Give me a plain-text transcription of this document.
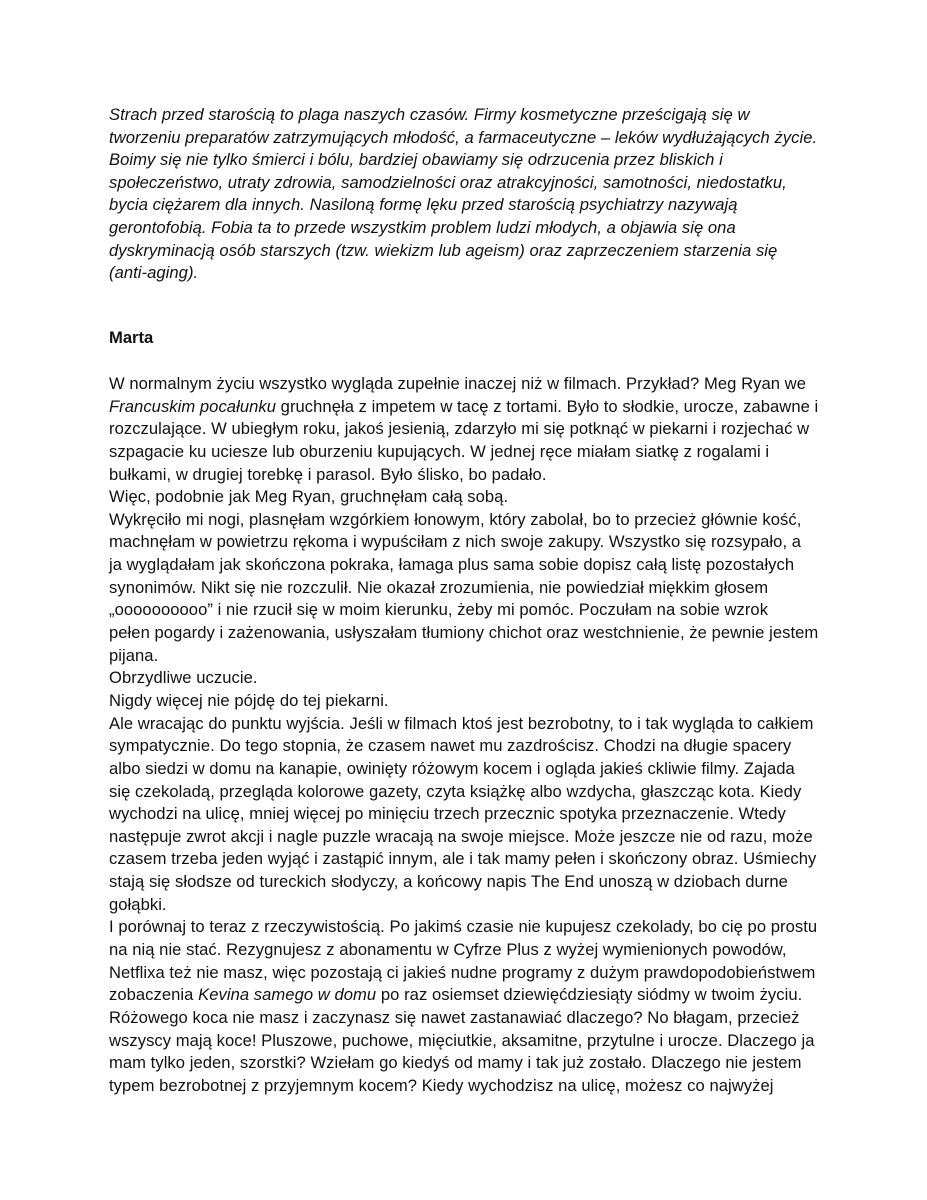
Strach przed starością to plaga naszych czasów. Firmy kosmetyczne prześcigają się w
tworzeniu preparatów zatrzymujących młodość, a farmaceutyczne – leków wydłużających życie.
Boimy się nie tylko śmierci i bólu, bardziej obawiamy się odrzucenia przez bliskich i
społeczeństwo, utraty zdrowia, samodzielności oraz atrakcyjności, samotności, niedostatku,
bycia ciężarem dla innych. Nasiloną formę lęku przed starością psychiatrzy nazywają
gerontofobią. Fobia ta to przede wszystkim problem ludzi młodych, a objawia się ona
dyskryminacją osób starszych (tzw. wiekizm lub ageism) oraz zaprzeczeniem starzenia się
(anti-aging).
Marta
W normalnym życiu wszystko wygląda zupełnie inaczej niż w filmach. Przykład? Meg Ryan we
Francuskim pocałunku gruchnęła z impetem w tacę z tortami. Było to słodkie, urocze, zabawne i
rozczulające. W ubiegłym roku, jakoś jesienią, zdarzyło mi się potknąć w piekarni i rozjechać w
szpagacie ku uciesze lub oburzeniu kupujących. W jednej ręce miałam siatkę z rogalami i
bułkami, w drugiej torebkę i parasol. Było ślisko, bo padało.
Więc, podobnie jak Meg Ryan, gruchnęłam całą sobą.
Wykręciło mi nogi, plasnęłam wzgórkiem łonowym, który zabolał, bo to przecież głównie kość,
machnęłam w powietrzu rękoma i wypuściłam z nich swoje zakupy. Wszystko się rozsypało, a
ja wyglądałam jak skończona pokraka, łamaga plus sama sobie dopisz całą listę pozostałych
synonimów. Nikt się nie rozczulił. Nie okazał zrozumienia, nie powiedział miękkim głosem
„oooooooooo” i nie rzucił się w moim kierunku, żeby mi pomóc. Poczułam na sobie wzrok
pełen pogardy i zażenowania, usłyszałam tłumiony chichot oraz westchnienie, że pewnie jestem
pijana.
Obrzydliwe uczucie.
Nigdy więcej nie pójdę do tej piekarni.
Ale wracając do punktu wyjścia. Jeśli w filmach ktoś jest bezrobotny, to i tak wygląda to całkiem
sympatycznie. Do tego stopnia, że czasem nawet mu zazdrościsz. Chodzi na długie spacery
albo siedzi w domu na kanapie, owinięty różowym kocem i ogląda jakieś ckliwie filmy. Zajada
się czekoladą, przegląda kolorowe gazety, czyta książkę albo wzdycha, głaszcząc kota. Kiedy
wychodzi na ulicę, mniej więcej po minięciu trzech przecznic spotyka przeznaczenie. Wtedy
następuje zwrot akcji i nagle puzzle wracają na swoje miejsce. Może jeszcze nie od razu, może
czasem trzeba jeden wyjąć i zastąpić innym, ale i tak mamy pełen i skończony obraz. Uśmiechy
stają się słodsze od tureckich słodyczy, a końcowy napis The End unoszą w dziobach durne
gołąbki.
I porównaj to teraz z rzeczywistością. Po jakimś czasie nie kupujesz czekolady, bo cię po prostu
na nią nie stać. Rezygnujesz z abonamentu w Cyfrze Plus z wyżej wymienionych powodów,
Netflixa też nie masz, więc pozostają ci jakieś nudne programy z dużym prawdopodobieństwem
zobaczenia Kevina samego w domu po raz osiemset dziewięćdziesiąty siódmy w twoim życiu.
Różowego koca nie masz i zaczynasz się nawet zastanawiać dlaczego? No błagam, przecież
wszyscy mają koce! Pluszowe, puchowe, mięciutkie, aksamitne, przytulne i urocze. Dlaczego ja
mam tylko jeden, szorstki? Wziełam go kiedyś od mamy i tak już zostało. Dlaczego nie jestem
typem bezrobotnej z przyjemnym kocem? Kiedy wychodzisz na ulicę, możesz co najwyżej
